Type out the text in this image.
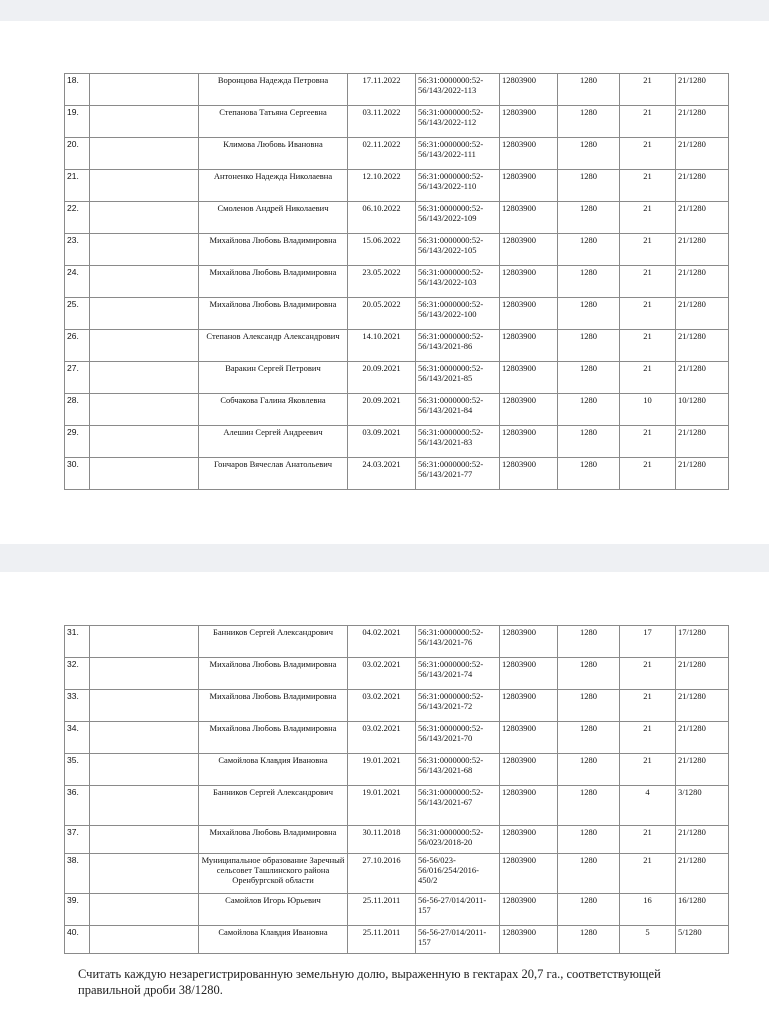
18.		Воронцова Надежда Петровна	17.11.2022	56:31:0000000:52-56/143/2022-113	12803900	1280	21	21/1280
19.		Степанова Татьяна Сергеевна	03.11.2022	56:31:0000000:52-56/143/2022-112	12803900	1280	21	21/1280
20.		Климова Любовь Ивановна	02.11.2022	56:31:0000000:52-56/143/2022-111	12803900	1280	21	21/1280
21.		Антоненко Надежда Николаевна	12.10.2022	56:31:0000000:52-56/143/2022-110	12803900	1280	21	21/1280
22.		Смоленов Андрей Николаевич	06.10.2022	56:31:0000000:52-56/143/2022-109	12803900	1280	21	21/1280
23.		Михайлова Любовь Владимировна	15.06.2022	56:31:0000000:52-56/143/2022-105	12803900	1280	21	21/1280
24.		Михайлова Любовь Владимировна	23.05.2022	56:31:0000000:52-56/143/2022-103	12803900	1280	21	21/1280
25.		Михайлова Любовь Владимировна	20.05.2022	56:31:0000000:52-56/143/2022-100	12803900	1280	21	21/1280
26.		Степанов Александр Александрович	14.10.2021	56:31:0000000:52-56/143/2021-86	12803900	1280	21	21/1280
27.		Варакин Сергей Петрович	20.09.2021	56:31:0000000:52-56/143/2021-85	12803900	1280	21	21/1280
28.		Собчакова Галина Яковлевна	20.09.2021	56:31:0000000:52-56/143/2021-84	12803900	1280	10	10/1280
29.		Алешин Сергей Андреевич	03.09.2021	56:31:0000000:52-56/143/2021-83	12803900	1280	21	21/1280
30.		Гончаров Вячеслав Анатольевич	24.03.2021	56:31:0000000:52-56/143/2021-77	12803900	1280	21	21/1280
31.		Банников Сергей Александрович	04.02.2021	56:31:0000000:52-56/143/2021-76	12803900	1280	17	17/1280
32.		Михайлова Любовь Владимировна	03.02.2021	56:31:0000000:52-56/143/2021-74	12803900	1280	21	21/1280
33.		Михайлова Любовь Владимировна	03.02.2021	56:31:0000000:52-56/143/2021-72	12803900	1280	21	21/1280
34.		Михайлова Любовь Владимировна	03.02.2021	56:31:0000000:52-56/143/2021-70	12803900	1280	21	21/1280
35.		Самойлова Клавдия Ивановна	19.01.2021	56:31:0000000:52-56/143/2021-68	12803900	1280	21	21/1280
36.		Банников Сергей Александрович	19.01.2021	56:31:0000000:52-56/143/2021-67	12803900	1280	4	3/1280
37.		Михайлова Любовь Владимировна	30.11.2018	56:31:0000000:52-56/023/2018-20	12803900	1280	21	21/1280
38.		Муниципальное образование Заречный сельсовет Ташлинского района Оренбургской области	27.10.2016	56-56/023-56/016/254/2016-450/2	12803900	1280	21	21/1280
39.		Самойлов Игорь Юрьевич	25.11.2011	56-56-27/014/2011-157	12803900	1280	16	16/1280
40.		Самойлова Клавдия Ивановна	25.11.2011	56-56-27/014/2011-157	12803900	1280	5	5/1280
Считать каждую незарегистрированную земельную долю, выраженную в гектарах 20,7 га., соответствующей правильной дроби 38/1280.
